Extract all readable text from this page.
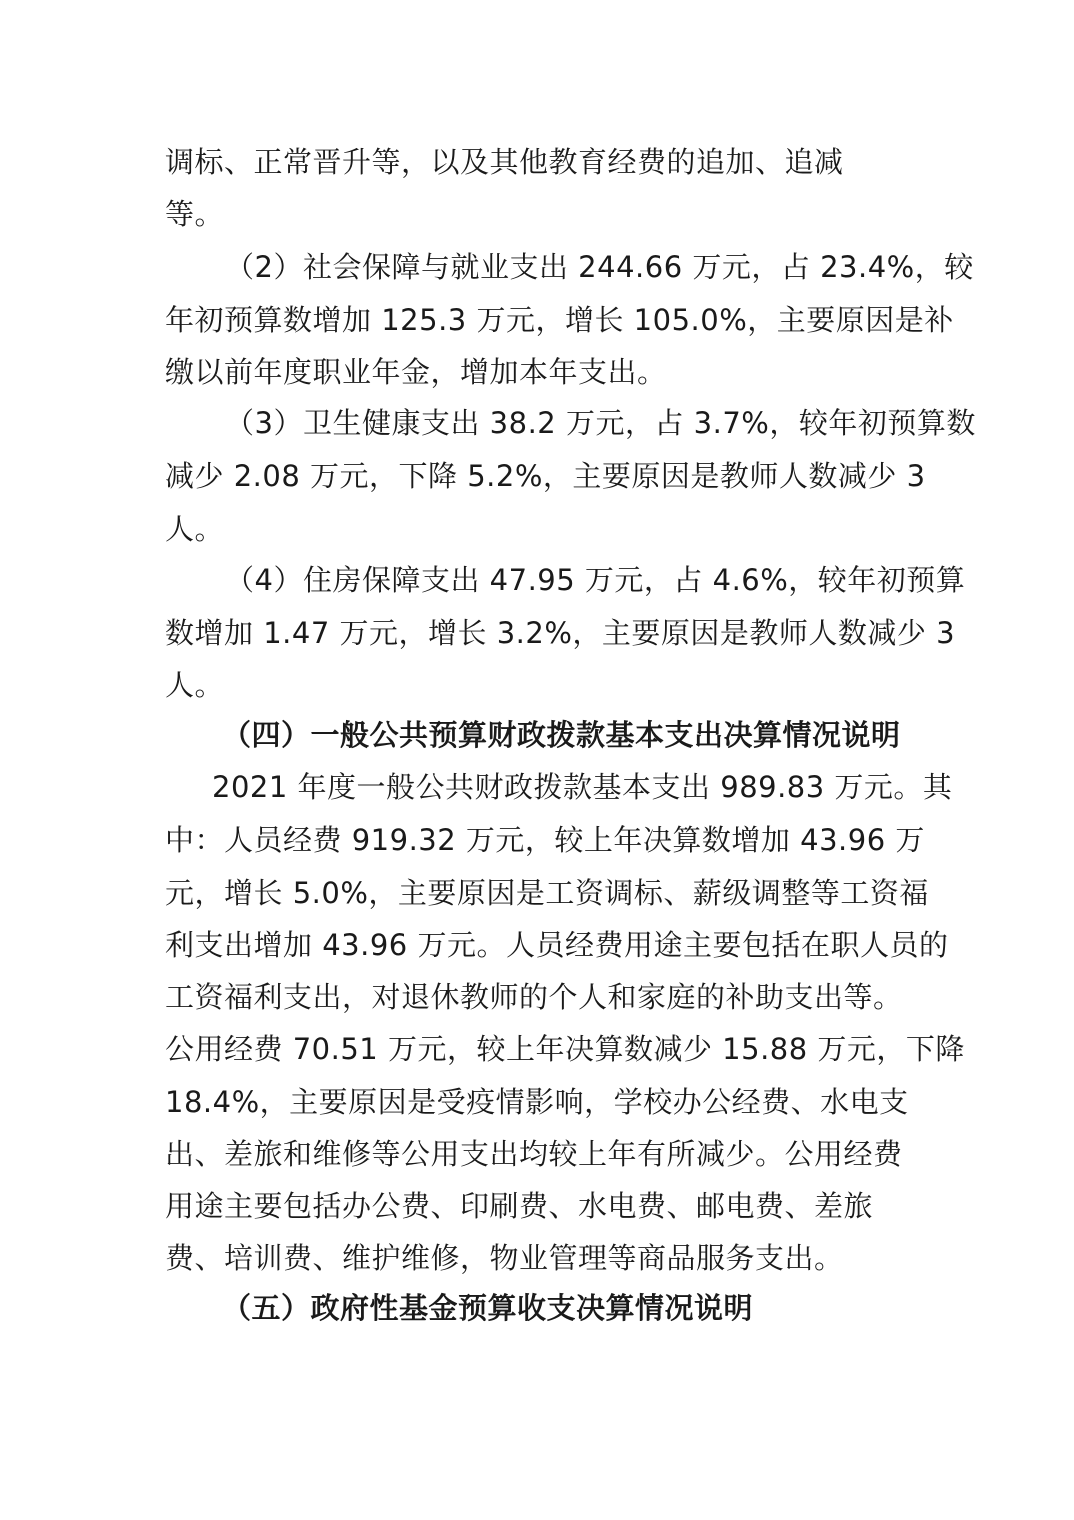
调标、正常晋升等，以及其他教育经费的追加、追减
等。
（2）社会保障与就业支出 244.66 万元，占 23.4%，较
年初预算数增加 125.3 万元，增长 105.0%，主要原因是补
缴以前年度职业年金，增加本年支出。
（3）卫生健康支出 38.2 万元，占 3.7%，较年初预算数
减少 2.08 万元，下降 5.2%，主要原因是教师人数减少 3
人。
（4）住房保障支出 47.95 万元，占 4.6%，较年初预算
数增加 1.47 万元，增长 3.2%，主要原因是教师人数减少 3
人。
（四）一般公共预算财政拨款基本支出决算情况说明
2021 年度一般公共财政拨款基本支出 989.83 万元。其
中：人员经费 919.32 万元，较上年决算数增加 43.96 万
元，增长 5.0%，主要原因是工资调标、薪级调整等工资福
利支出增加 43.96 万元。人员经费用途主要包括在职人员的
工资福利支出，对退休教师的个人和家庭的补助支出等。
公用经费 70.51 万元，较上年决算数减少 15.88 万元，下降
18.4%，主要原因是受疫情影响，学校办公经费、水电支
出、差旅和维修等公用支出均较上年有所减少。公用经费
用途主要包括办公费、印刷费、水电费、邮电费、差旅
费、培训费、维护维修，物业管理等商品服务支出。
（五）政府性基金预算收支决算情况说明
